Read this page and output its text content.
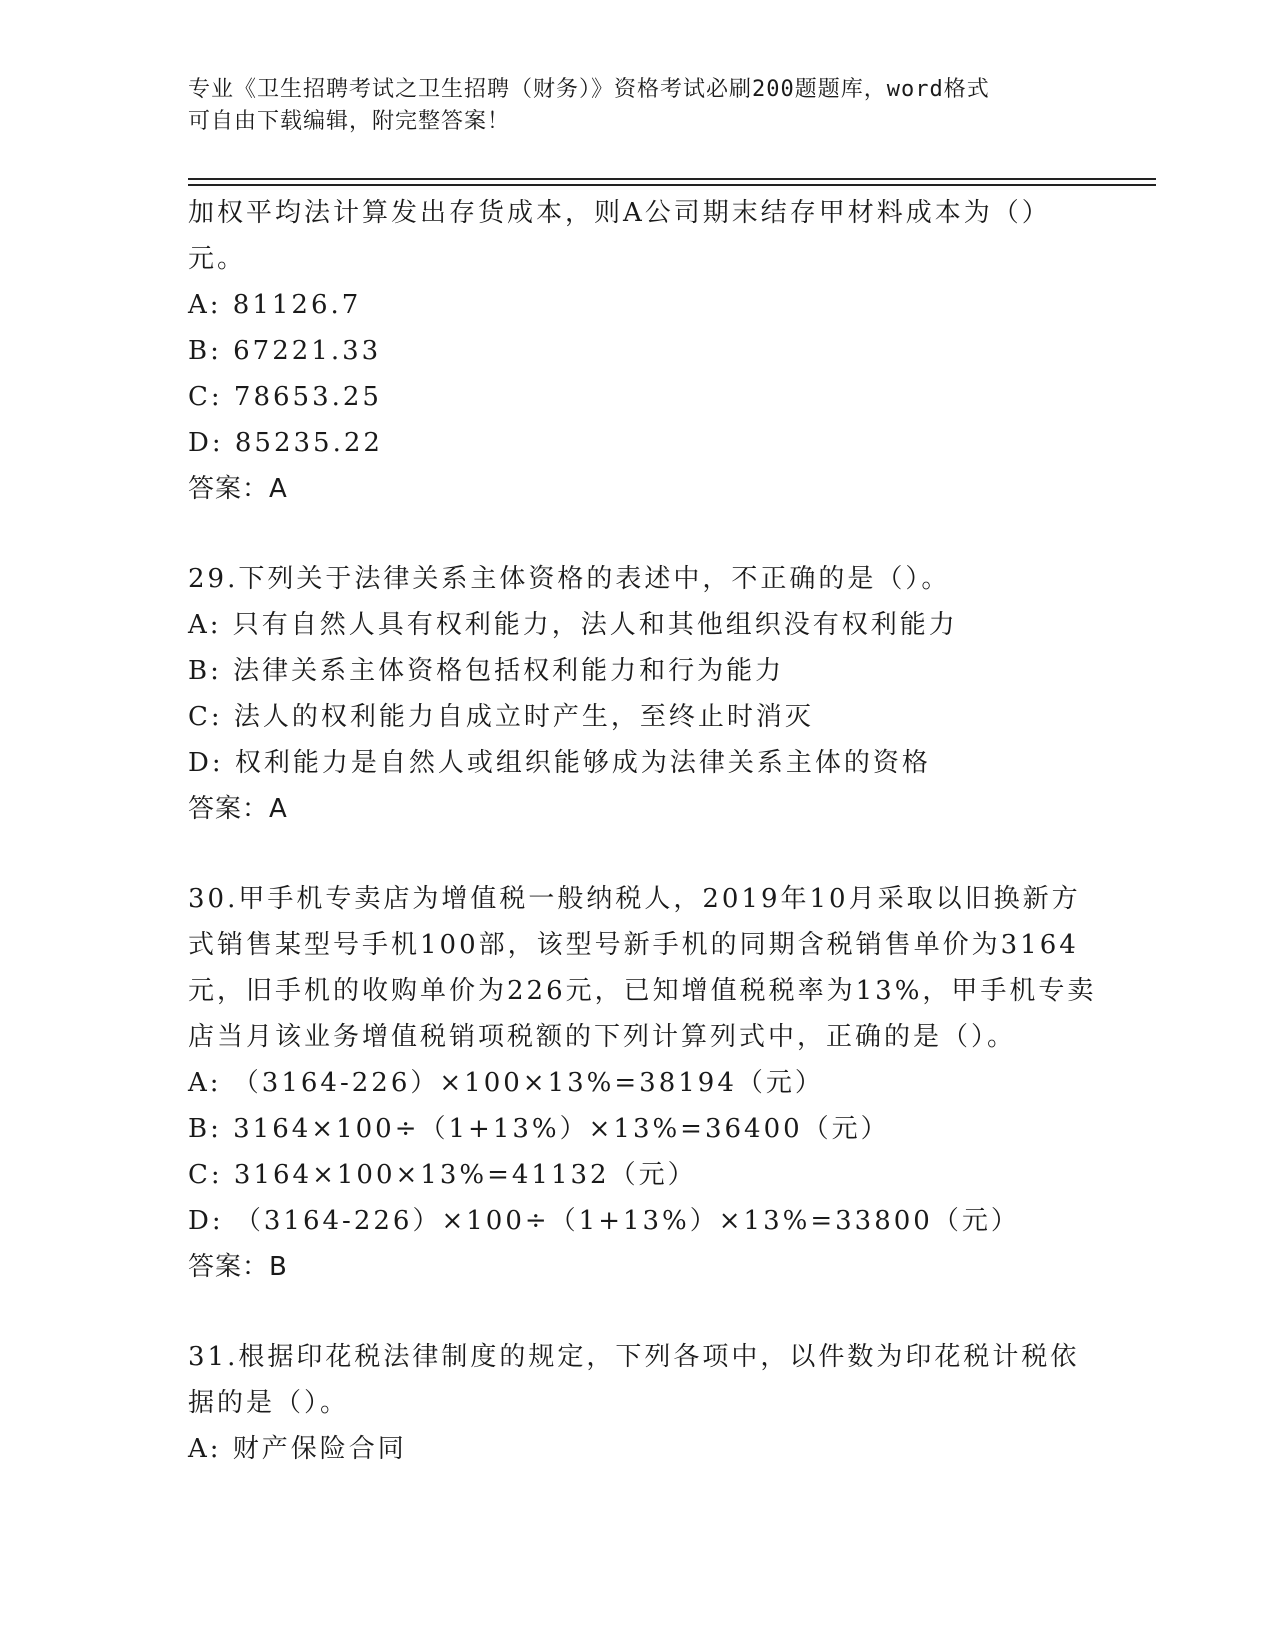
专业《卫生招聘考试之卫生招聘（财务）》资格考试必刷200题题库，word格式
可自由下载编辑，附完整答案！
加权平均法计算发出存货成本，则A公司期末结存甲材料成本为（）
元。
A: 81126.7
B: 67221.33
C: 78653.25
D: 85235.22
答案：A
29.下列关于法律关系主体资格的表述中，不正确的是（）。
A: 只有自然人具有权利能力，法人和其他组织没有权利能力
B: 法律关系主体资格包括权利能力和行为能力
C: 法人的权利能力自成立时产生，至终止时消灭
D: 权利能力是自然人或组织能够成为法律关系主体的资格
答案：A
30.甲手机专卖店为增值税一般纳税人，2019年10月采取以旧换新方
式销售某型号手机100部，该型号新手机的同期含税销售单价为3164
元，旧手机的收购单价为226元，已知增值税税率为13%，甲手机专卖
店当月该业务增值税销项税额的下列计算列式中，正确的是（）。
A: （3164-226）×100×13%=38194（元）
B: 3164×100÷（1+13%）×13%=36400（元）
C: 3164×100×13%=41132（元）
D: （3164-226）×100÷（1+13%）×13%=33800（元）
答案：B
31.根据印花税法律制度的规定，下列各项中，以件数为印花税计税依
据的是（）。
A: 财产保险合同
